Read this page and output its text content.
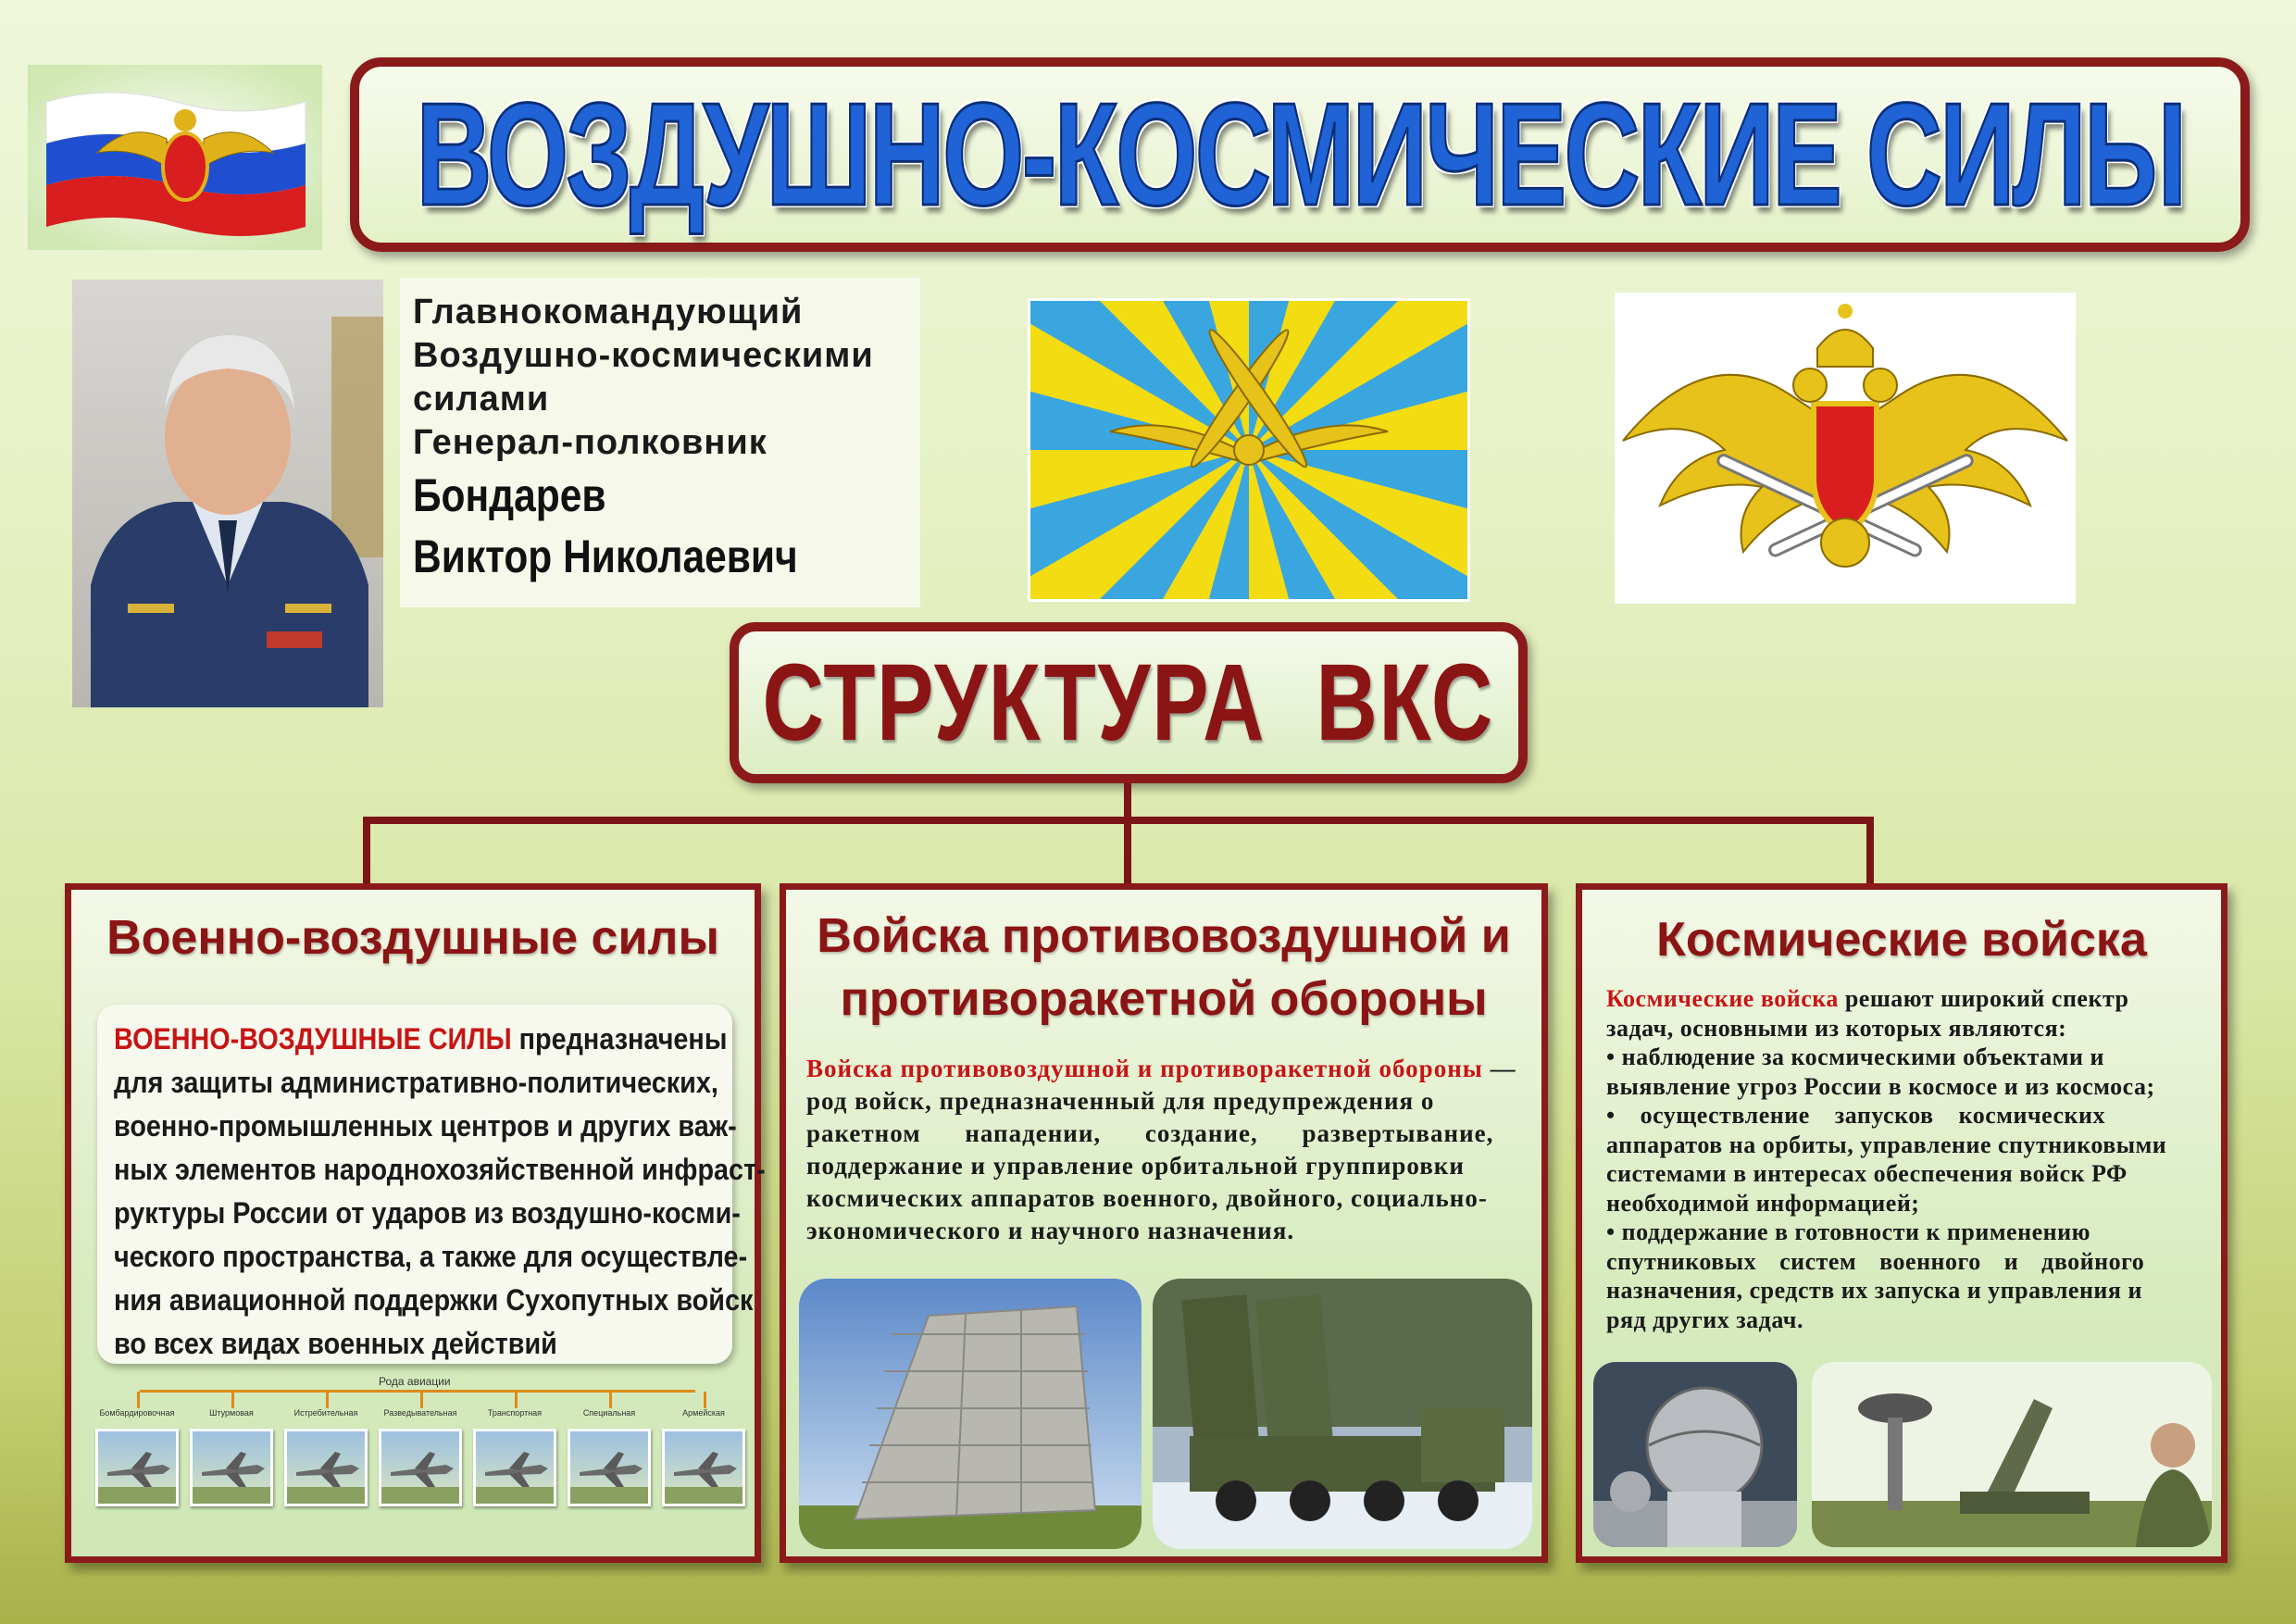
ВОЗДУШНО-КОСМИЧЕСКИЕ СИЛЫ
Главнокомандующий
Воздушно-космическими
силами
Генерал-полковник
Бондарев
Виктор Николаевич
СТРУКТУРА  ВКС
Военно-воздушные силы
ВОЕННО-ВОЗДУШНЫЕ СИЛЫ предназначены
для защиты административно-политических,
военно-промышленных центров и других важ-
ных элементов народнохозяйственной инфраст-
руктуры России от ударов из воздушно-косми-
ческого пространства, а также для осуществле-
ния авиационной поддержки Сухопутных войск
во всех видах военных действий
Рода авиации
Бомбардировочная	Штурмовая	Истребительная	Разведывательная	Транспортная	Специальная	Армейская
Войска противовоздушной и
противоракетной обороны
Войска противовоздушной и противоракетной обороны —
род войск, предназначенный для предупреждения о
ракетном нападении, создание, развертывание,
поддержание и управление орбитальной группировки
космических аппаратов военного, двойного, социально-
экономического и научного назначения.
Космические войска
Космические войска решают широкий спектр
задач, основными из которых являются:
• наблюдение за космическими объектами и
выявление угроз России в космосе и из космоса;
• осуществление запусков космических
аппаратов на орбиты, управление спутниковыми
системами в интересах обеспечения войск РФ
необходимой информацией;
• поддержание в готовности к применению
спутниковых систем военного и двойного
назначения, средств их запуска и управления и
ряд других задач.
